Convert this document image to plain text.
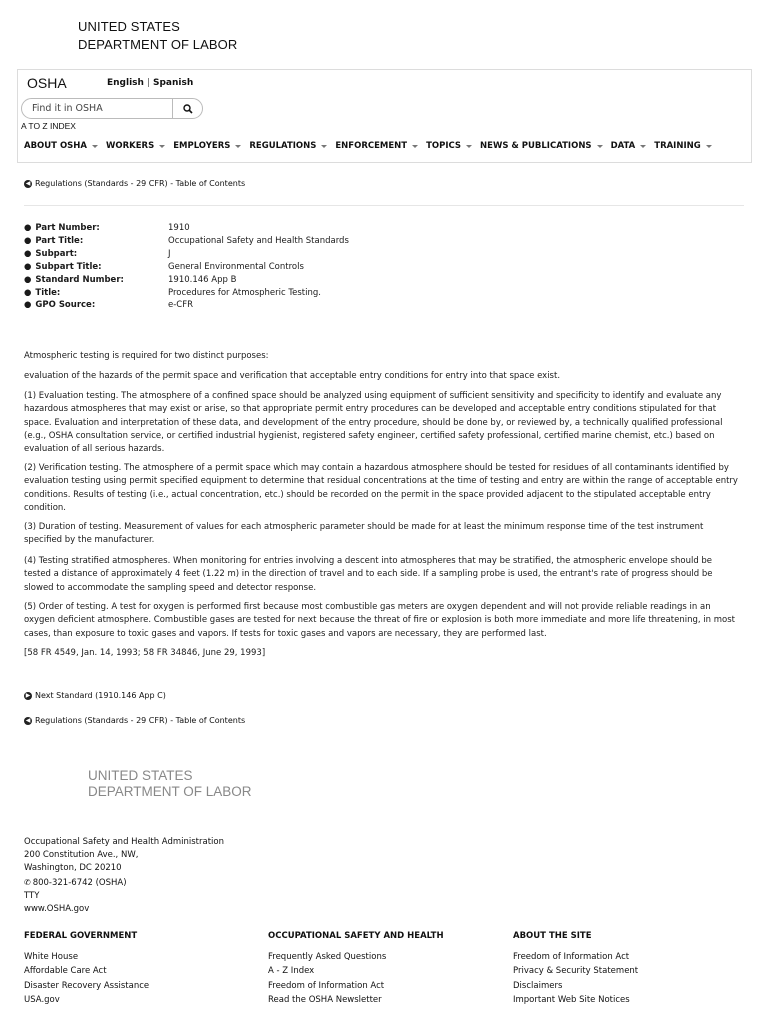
UNITED STATES
DEPARTMENT OF LABOR
OSHA	English | Spanish
Find it in OSHA
A TO Z INDEX
ABOUT OSHA WORKERS EMPLOYERS REGULATIONS ENFORCEMENT TOPICS NEWS & PUBLICATIONS DATA TRAINING
◀ Regulations (Standards - 29 CFR) - Table of Contents
● Part Number:	1910
● Part Title:	Occupational Safety and Health Standards
● Subpart:	J
● Subpart Title:	General Environmental Controls
● Standard Number:	1910.146 App B
● Title:	Procedures for Atmospheric Testing.
● GPO Source:	e-CFR
Atmospheric testing is required for two distinct purposes:
evaluation of the hazards of the permit space and verification that acceptable entry conditions for entry into that space exist.
(1) Evaluation testing. The atmosphere of a confined space should be analyzed using equipment of sufficient sensitivity and specificity to identify and evaluate any hazardous atmospheres that may exist or arise, so that appropriate permit entry procedures can be developed and acceptable entry conditions stipulated for that space. Evaluation and interpretation of these data, and development of the entry procedure, should be done by, or reviewed by, a technically qualified professional (e.g., OSHA consultation service, or certified industrial hygienist, registered safety engineer, certified safety professional, certified marine chemist, etc.) based on evaluation of all serious hazards.
(2) Verification testing. The atmosphere of a permit space which may contain a hazardous atmosphere should be tested for residues of all contaminants identified by evaluation testing using permit specified equipment to determine that residual concentrations at the time of testing and entry are within the range of acceptable entry conditions. Results of testing (i.e., actual concentration, etc.) should be recorded on the permit in the space provided adjacent to the stipulated acceptable entry condition.
(3) Duration of testing. Measurement of values for each atmospheric parameter should be made for at least the minimum response time of the test instrument specified by the manufacturer.
(4) Testing stratified atmospheres. When monitoring for entries involving a descent into atmospheres that may be stratified, the atmospheric envelope should be tested a distance of approximately 4 feet (1.22 m) in the direction of travel and to each side. If a sampling probe is used, the entrant's rate of progress should be slowed to accommodate the sampling speed and detector response.
(5) Order of testing. A test for oxygen is performed first because most combustible gas meters are oxygen dependent and will not provide reliable readings in an oxygen deficient atmosphere. Combustible gases are tested for next because the threat of fire or explosion is both more immediate and more life threatening, in most cases, than exposure to toxic gases and vapors. If tests for toxic gases and vapors are necessary, they are performed last.
[58 FR 4549, Jan. 14, 1993; 58 FR 34846, June 29, 1993]
▶ Next Standard (1910.146 App C)
◀ Regulations (Standards - 29 CFR) - Table of Contents
UNITED STATES
DEPARTMENT OF LABOR
Occupational Safety and Health Administration
200 Constitution Ave., NW,
Washington, DC 20210
✆ 800-321-6742 (OSHA)
TTY
www.OSHA.gov
FEDERAL GOVERNMENT
White House
Affordable Care Act
Disaster Recovery Assistance
USA.gov
OCCUPATIONAL SAFETY AND HEALTH
Frequently Asked Questions
A - Z Index
Freedom of Information Act
Read the OSHA Newsletter
ABOUT THE SITE
Freedom of Information Act
Privacy & Security Statement
Disclaimers
Important Web Site Notices
